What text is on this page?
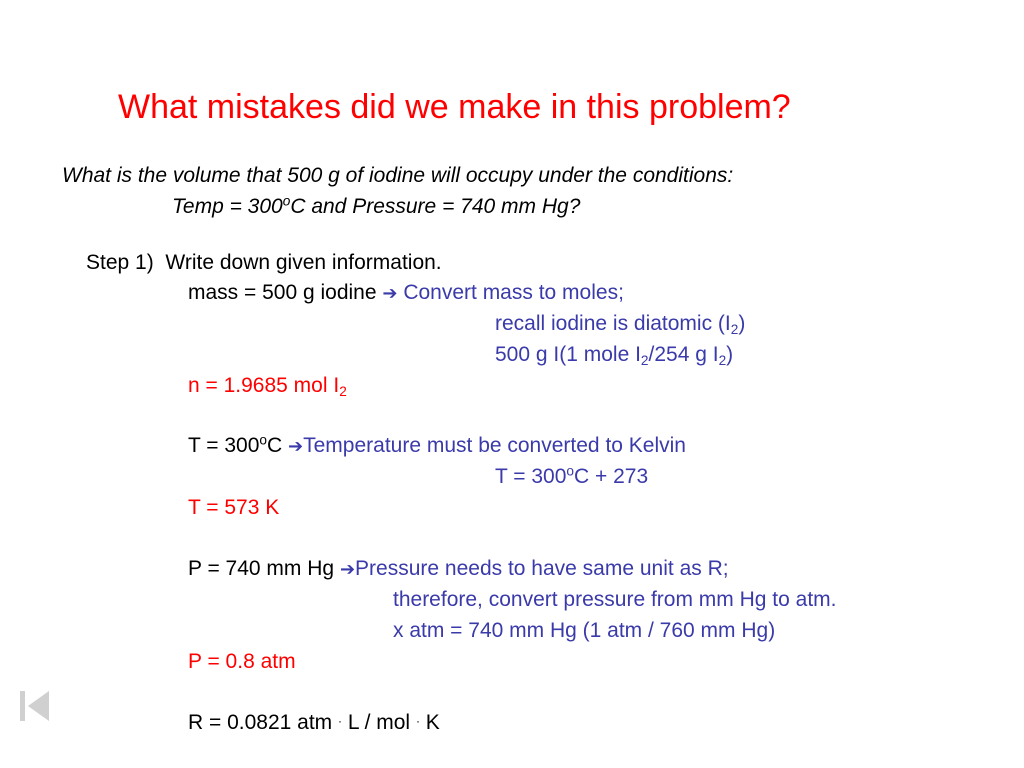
What mistakes did we make in this problem?
What is the volume that 500 g of iodine will occupy under the conditions:
Temp = $300^oC$ and Pressure = 740 mm Hg?
Step 1) Write down given information.
mass = 500 g iodine ➔ Convert mass to moles;
recall iodine is diatomic $(I_2)$
500 g I(1 mole $I_2/254$ g $I_2$)
n = 1.9685 mol $I_2$
$T = 300^oC$ ➔Temperature must be converted to Kelvin
$T = 300^oC + 273$
T = 573 K
P = 740 mm Hg ➔Pressure needs to have same unit as R;
therefore, convert pressure from mm Hg to atm.
x atm = 740 mm Hg (1 atm / 760 mm Hg)
P = 0.8 atm
R = 0.0821 atm · L / mol · K
